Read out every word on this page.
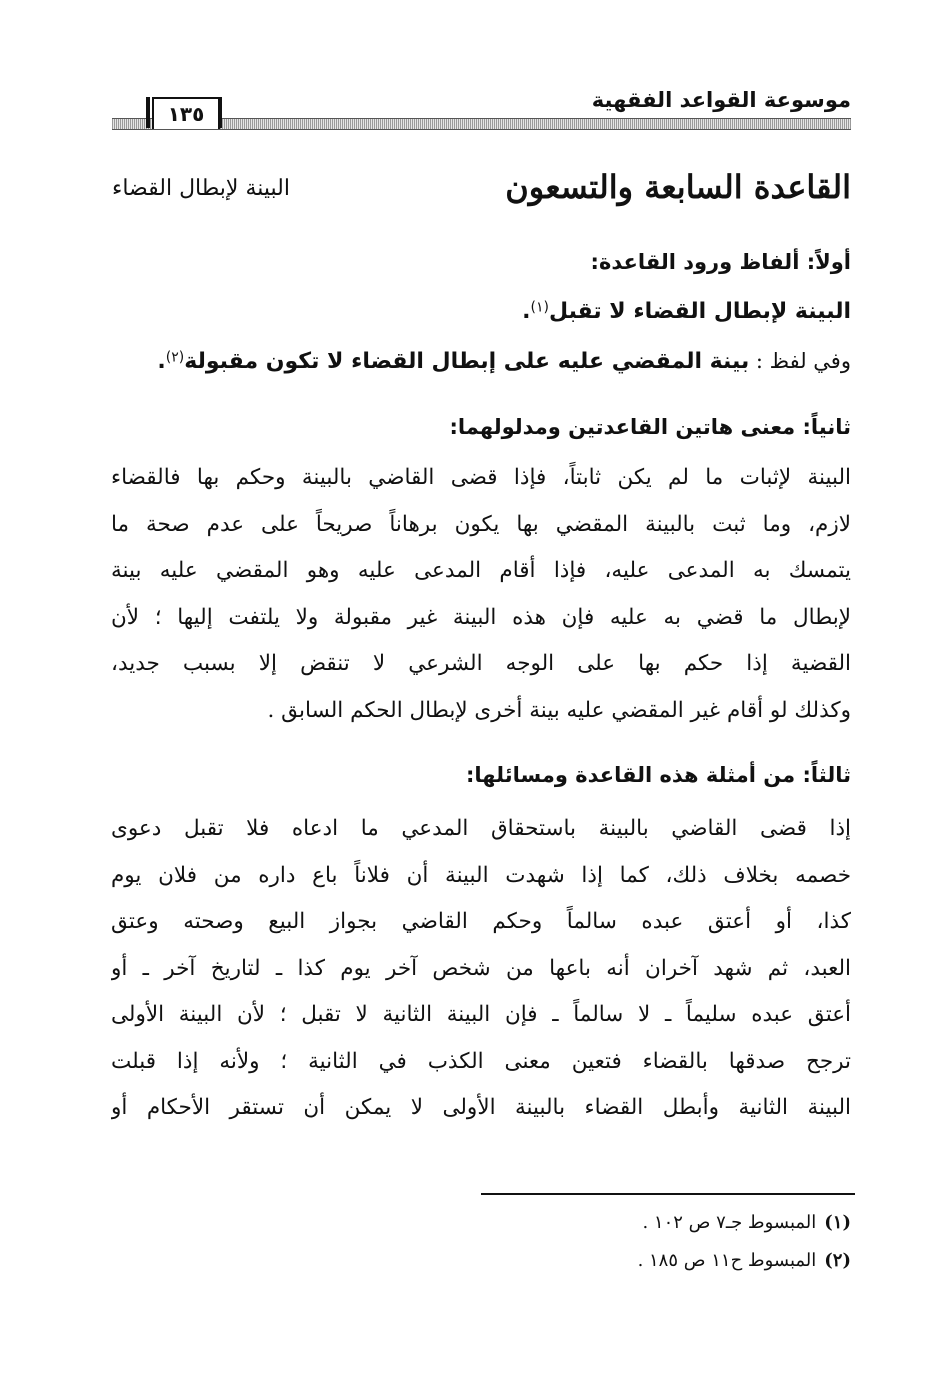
موسوعة القواعد الفقهية
١٣٥
القاعدة السابعة والتسعون
البينة لإبطال القضاء
أولاً: ألفاظ ورود القاعدة:
البينة لإبطال القضاء لا تقبل(١).
وفي لفظ : بينة المقضي عليه على إبطال القضاء لا تكون مقبولة(٢).
ثانياً: معنى هاتين القاعدتين ومدلولهما:
البينة لإثبات ما لم يكن ثابتاً، فإذا قضى القاضي بالبينة وحكم بها فالقضاء
لازم، وما ثبت بالبينة المقضي بها يكون برهاناً صريحاً على عدم صحة ما
يتمسك به المدعى عليه، فإذا أقام المدعى عليه وهو المقضي عليه بينة
لإبطال ما قضي به عليه فإن هذه البينة غير مقبولة ولا يلتفت إليها ؛ لأن
القضية إذا حكم بها على الوجه الشرعي لا تنقض إلا بسبب جديد،
وكذلك لو أقام غير المقضي عليه بينة أخرى لإبطال الحكم السابق .
ثالثاً: من أمثلة هذه القاعدة ومسائلها:
إذا قضى القاضي بالبينة باستحقاق المدعي ما ادعاه فلا تقبل دعوى
خصمه بخلاف ذلك، كما إذا شهدت البينة أن فلاناً باع داره من فلان يوم
كذا، أو أعتق عبده سالماً وحكم القاضي بجواز البيع وصحته وعتق
العبد، ثم شهد آخران أنه باعها من شخص آخر يوم كذا ـ لتاريخ آخر ـ أو
أعتق عبده سليماً ـ لا سالماً ـ فإن البينة الثانية لا تقبل ؛ لأن البينة الأولى
ترجح صدقها بالقضاء فتعين معنى الكذب في الثانية ؛ ولأنه إذا قبلت
البينة الثانية وأبطل القضاء بالبينة الأولى لا يمكن أن تستقر الأحكام أو
(١)المبسوط جـ٧ ص ١٠٢ .
(٢)المبسوط ح١١ ص ١٨٥ .
